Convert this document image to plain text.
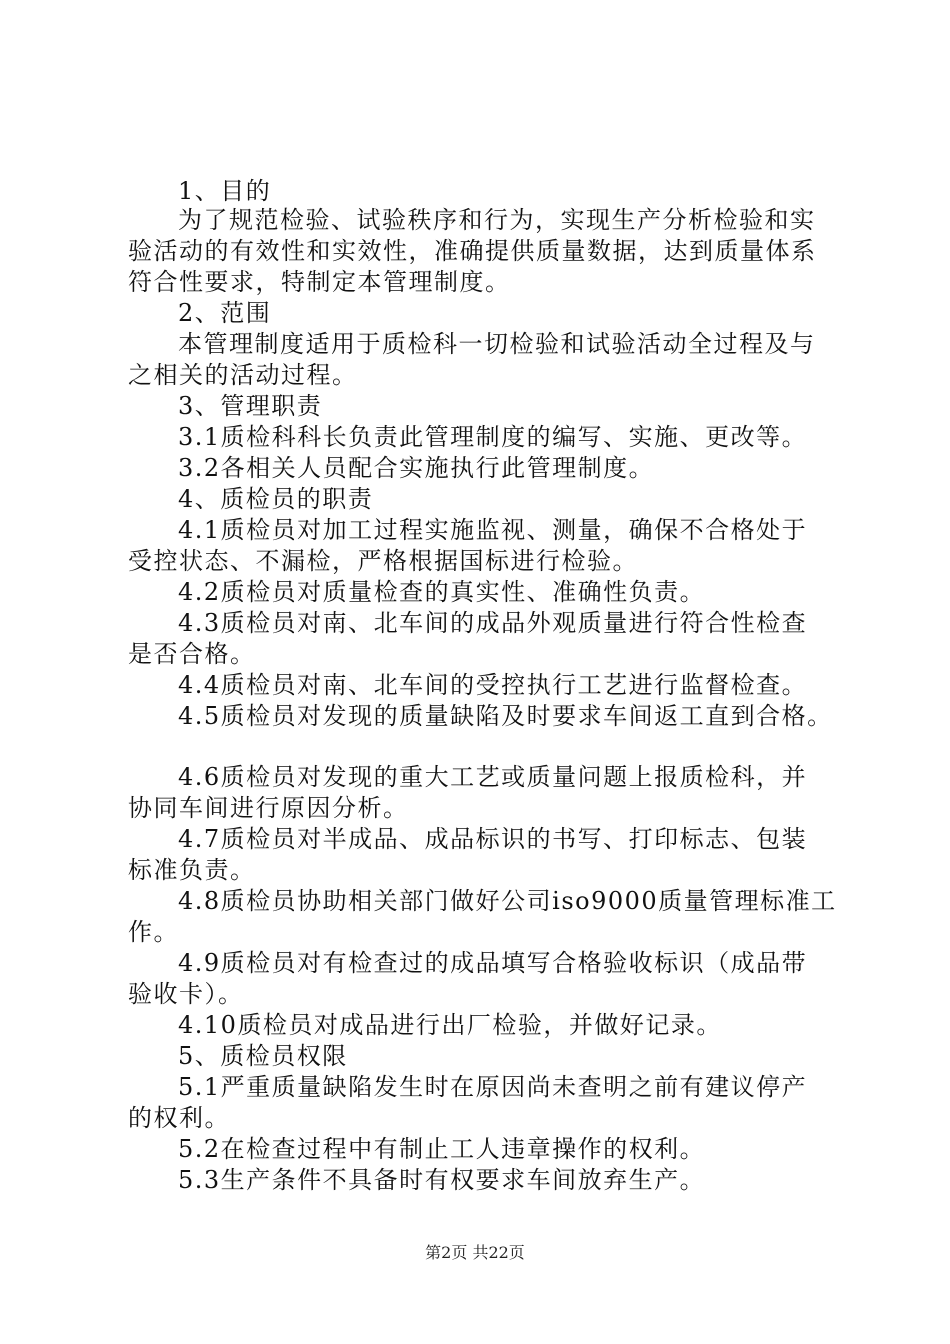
1、目的
为了规范检验、试验秩序和行为，实现生产分析检验和实
验活动的有效性和实效性，准确提供质量数据，达到质量体系
符合性要求，特制定本管理制度。
2、范围
本管理制度适用于质检科一切检验和试验活动全过程及与
之相关的活动过程。
3、管理职责
3.1质检科科长负责此管理制度的编写、实施、更改等。
3.2各相关人员配合实施执行此管理制度。
4、质检员的职责
4.1质检员对加工过程实施监视、测量，确保不合格处于
受控状态、不漏检，严格根据国标进行检验。
4.2质检员对质量检查的真实性、准确性负责。
4.3质检员对南、北车间的成品外观质量进行符合性检查
是否合格。
4.4质检员对南、北车间的受控执行工艺进行监督检查。
4.5质检员对发现的质量缺陷及时要求车间返工直到合格。
4.6质检员对发现的重大工艺或质量问题上报质检科，并
协同车间进行原因分析。
4.7质检员对半成品、成品标识的书写、打印标志、包装
标准负责。
4.8质检员协助相关部门做好公司iso9000质量管理标准工
作。
4.9质检员对有检查过的成品填写合格验收标识（成品带
验收卡）。
4.10质检员对成品进行出厂检验，并做好记录。
5、质检员权限
5.1严重质量缺陷发生时在原因尚未查明之前有建议停产
的权利。
5.2在检查过程中有制止工人违章操作的权利。
5.3生产条件不具备时有权要求车间放弃生产。
第2页 共22页
